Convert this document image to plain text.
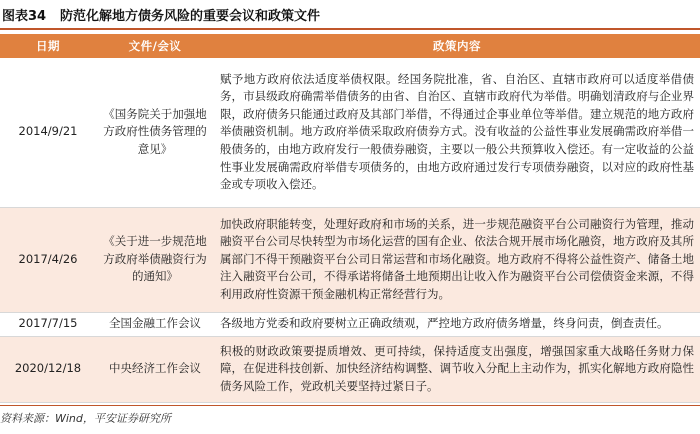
图表34 防范化解地方债务风险的重要会议和政策文件
日期	文件/会议	政策内容
2014/9/21	《国务院关于加强地方政府性债务管理的意见》	赋予地方政府依法适度举债权限。经国务院批准，省、自治区、直辖市政府可以适度举借债务，市县级政府确需举借债务的由省、自治区、直辖市政府代为举借。明确划清政府与企业界限，政府债务只能通过政府及其部门举借，不得通过企事业单位等举借。建立规范的地方政府举债融资机制。地方政府举债采取政府债券方式。没有收益的公益性事业发展确需政府举借一般债务的，由地方政府发行一般债券融资，主要以一般公共预算收入偿还。有一定收益的公益性事业发展确需政府举借专项债务的，由地方政府通过发行专项债券融资，以对应的政府性基金或专项收入偿还。
2017/4/26	《关于进一步规范地方政府举债融资行为的通知》	加快政府职能转变，处理好政府和市场的关系，进一步规范融资平台公司融资行为管理，推动融资平台公司尽快转型为市场化运营的国有企业、依法合规开展市场化融资，地方政府及其所属部门不得干预融资平台公司日常运营和市场化融资。地方政府不得将公益性资产、储备土地注入融资平台公司，不得承诺将储备土地预期出让收入作为融资平台公司偿债资金来源，不得利用政府性资源干预金融机构正常经营行为。
2017/7/15	全国金融工作会议	各级地方党委和政府要树立正确政绩观，严控地方政府债务增量，终身问责，倒查责任。
2020/12/18	中央经济工作会议	积极的财政政策要提质增效、更可持续，保持适度支出强度，增强国家重大战略任务财力保障，在促进科技创新、加快经济结构调整、调节收入分配上主动作为，抓实化解地方政府隐性债务风险工作，党政机关要坚持过紧日子。
资料来源：Wind，平安证券研究所
